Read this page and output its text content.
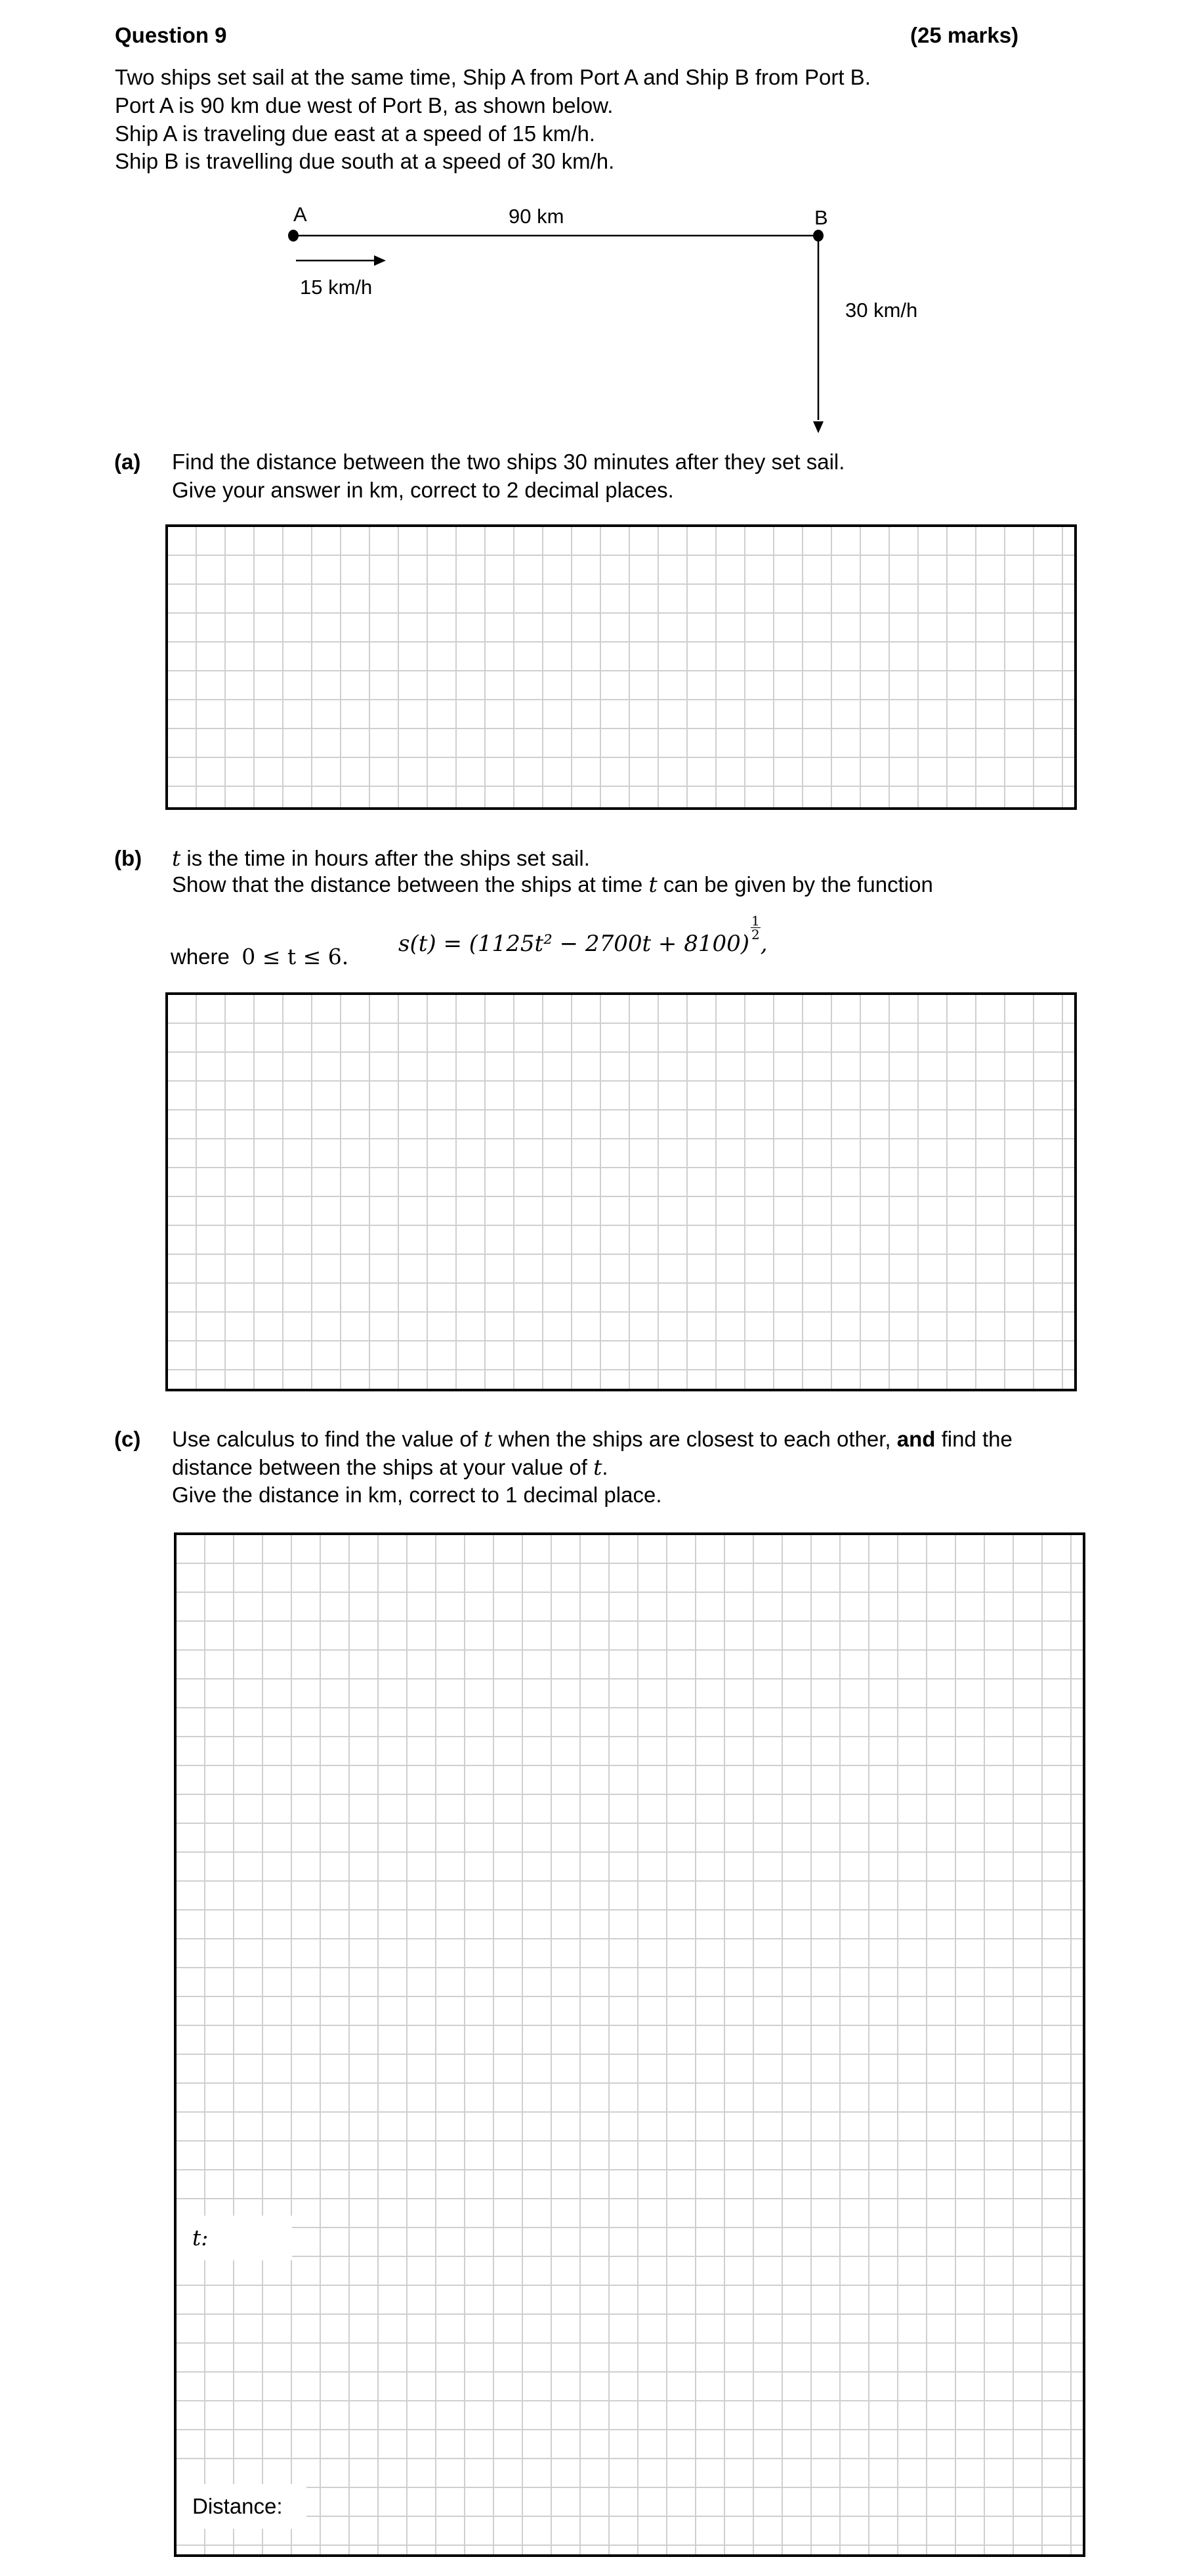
Question 9	(25 marks)
Two ships set sail at the same time, Ship A from Port A and Ship B from Port B.
Port A is 90 km due west of Port B, as shown below.
Ship A is traveling due east at a speed of 15 km/h.
Ship B is travelling due south at a speed of 30 km/h.
A	B
90 km
15 km/h
30 km/h
(a) Find the distance between the two ships 30 minutes after they set sail.
Give your answer in km, correct to 2 decimal places.
(b) t is the time in hours after the ships set sail.
Show that the distance between the ships at time t can be given by the function
s(t) = (1125t² − 2700t + 8100)
$\frac{1}{2}$
,
where 0 ≤ t ≤ 6.
(c) Use calculus to find the value of t when the ships are closest to each other, and find the
distance between the ships at your value of t.
Give the distance in km, correct to 1 decimal place.
t:
Distance:
